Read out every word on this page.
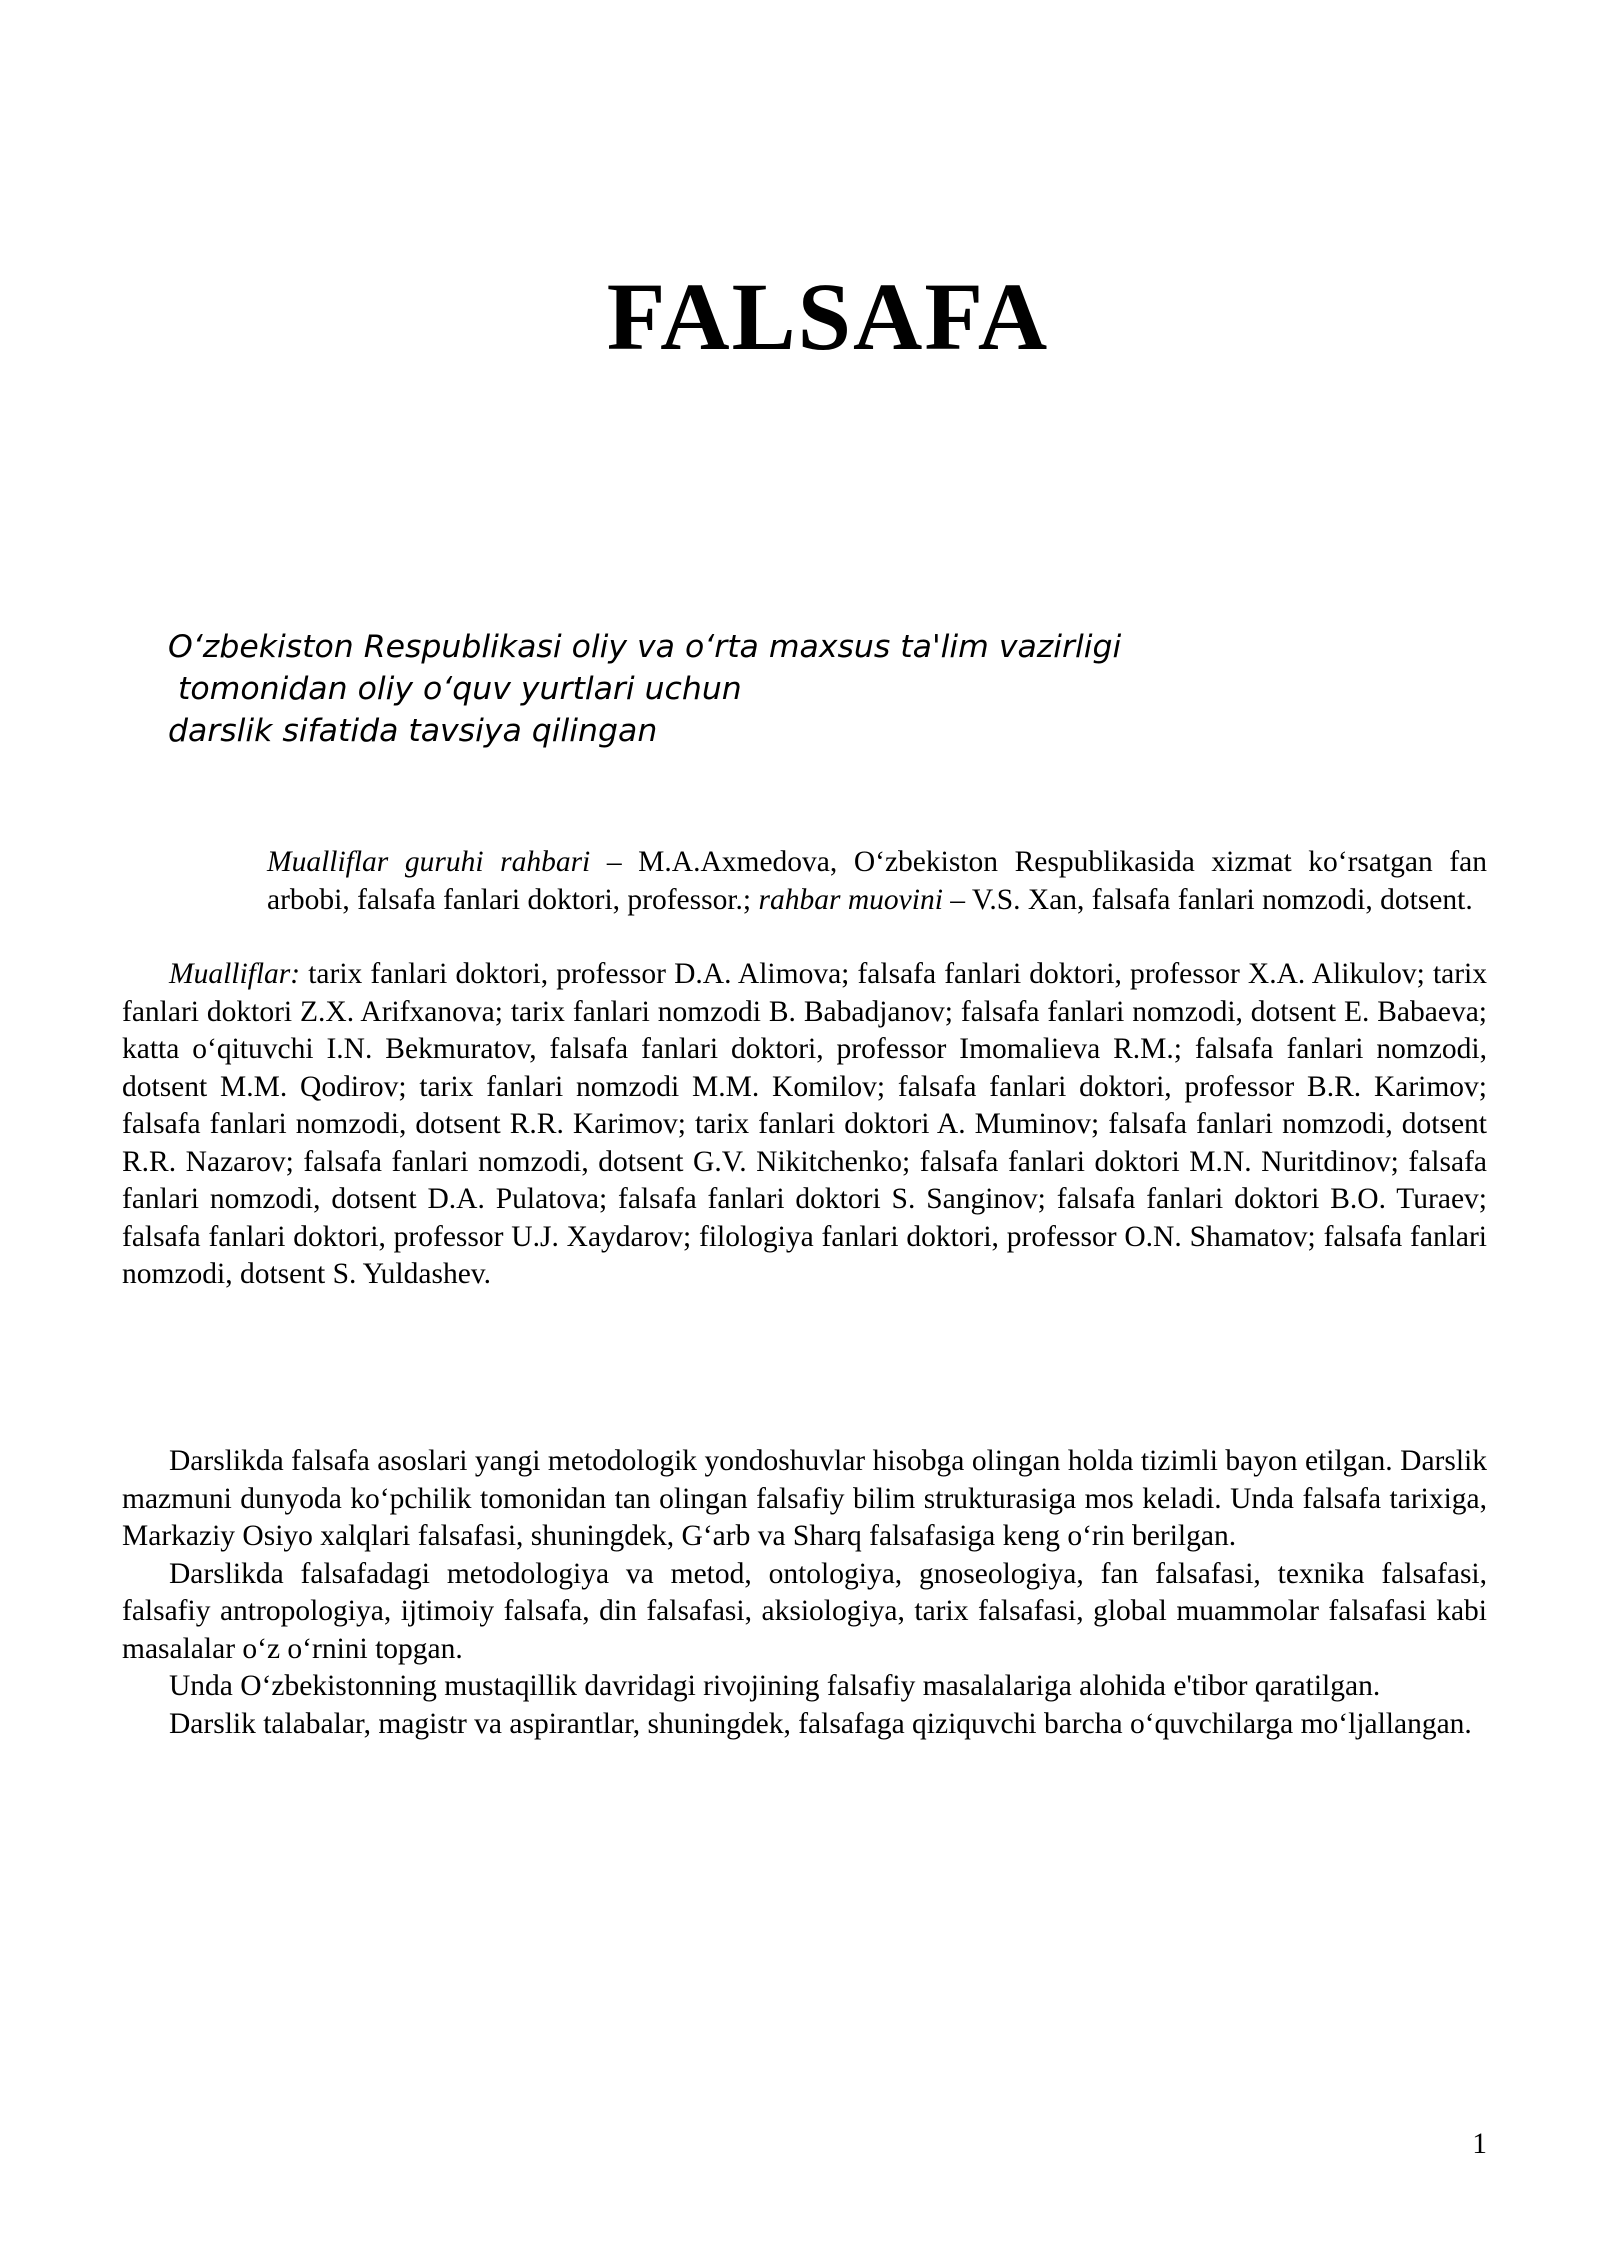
FALSAFA
O‘zbekiston Respublikasi oliy va o‘rta maxsus ta'lim vazirligi
tomonidan oliy o‘quv yurtlari uchun
darslik sifatida tavsiya qilingan
Mualliflar guruhi rahbari – M.A.Axmedova, O‘zbekiston Respublikasida xizmat ko‘rsatgan fan arbobi, falsafa fanlari doktori, professor.; rahbar muovini – V.S. Xan, falsafa fanlari nomzodi, dotsent.
Mualliflar: tarix fanlari doktori, professor D.A. Alimova; falsafa fanlari doktori, professor X.A. Alikulov; tarix fanlari doktori Z.X. Arifxanova; tarix fanlari nomzodi B. Babadjanov; falsafa fanlari nomzodi, dotsent E. Babaeva; katta o‘qituvchi I.N. Bekmuratov, falsafa fanlari doktori, professor Imomalieva R.M.; falsafa fanlari nomzodi, dotsent M.M. Qodirov; tarix fanlari nomzodi M.M. Komilov; falsafa fanlari doktori, professor B.R. Karimov; falsafa fanlari nomzodi, dotsent R.R. Karimov; tarix fanlari doktori A. Muminov; falsafa fanlari nomzodi, dotsent R.R. Nazarov; falsafa fanlari nomzodi, dotsent G.V. Nikitchenko; falsafa fanlari doktori M.N. Nuritdinov; falsafa fanlari nomzodi, dotsent D.A. Pulatova; falsafa fanlari doktori S. Sanginov; falsafa fanlari doktori B.O. Turaev; falsafa fanlari doktori, professor U.J. Xaydarov; filologiya fanlari doktori, professor O.N. Shamatov; falsafa fanlari nomzodi, dotsent S. Yuldashev.

Darslikda falsafa asoslari yangi metodologik yondoshuvlar hisobga olingan holda tizimli bayon etilgan. Darslik mazmuni dunyoda ko‘pchilik tomonidan tan olingan falsafiy bilim strukturasiga mos keladi. Unda falsafa tarixiga, Markaziy Osiyo xalqlari falsafasi, shuningdek, G‘arb va Sharq falsafasiga keng o‘rin berilgan.

Darslikda falsafadagi metodologiya va metod, ontologiya, gnoseologiya, fan falsafasi, texnika falsafasi, falsafiy antropologiya, ijtimoiy falsafa, din falsafasi, aksiologiya, tarix falsafasi, global muammolar falsafasi kabi masalalar o‘z o‘rnini topgan.

Unda O‘zbekistonning mustaqillik davridagi rivojining falsafiy masalalariga alohida e'tibor qaratilgan.

Darslik talabalar, magistr va aspirantlar, shuningdek, falsafaga qiziquvchi barcha o‘quvchilarga mo‘ljallangan.

1
